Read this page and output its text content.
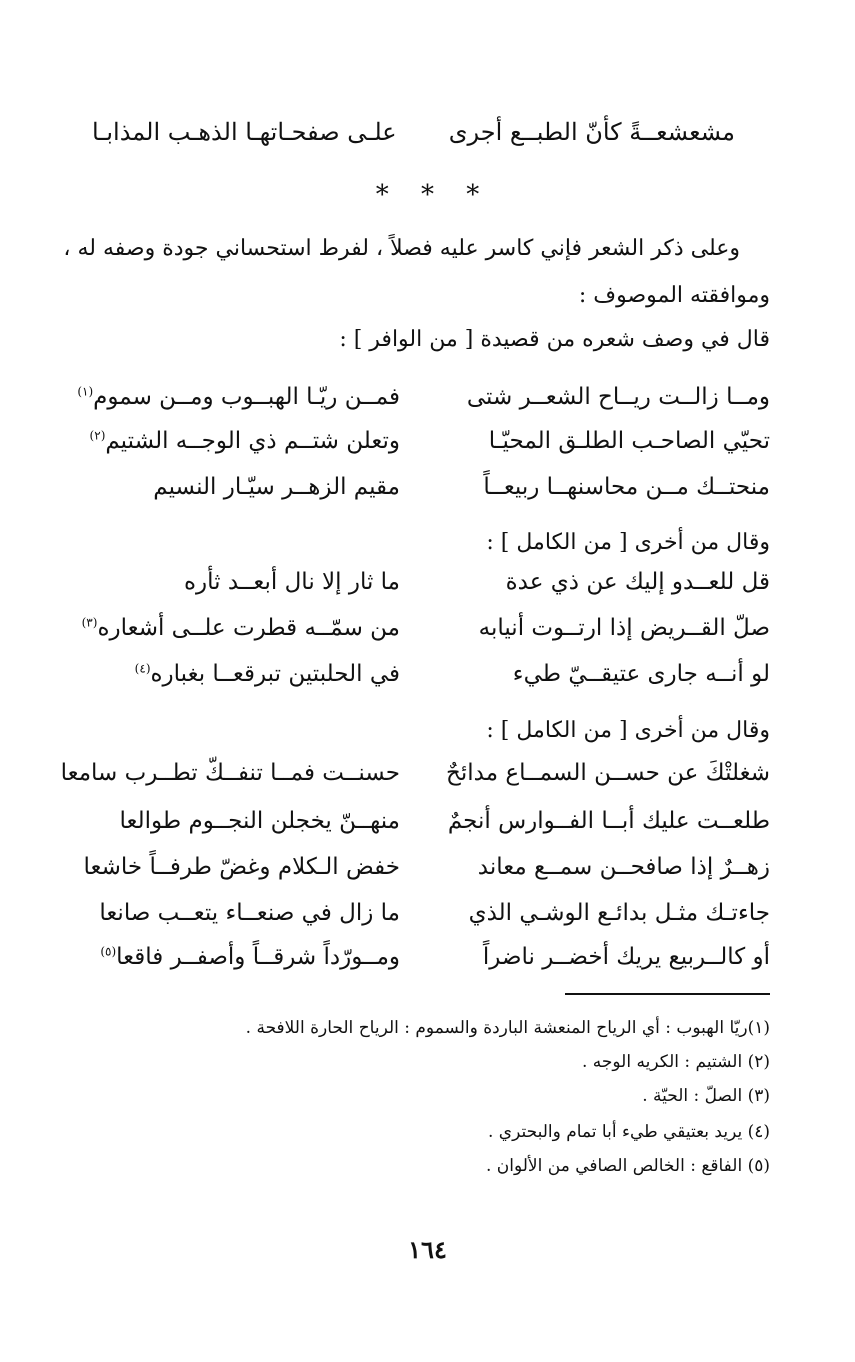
مشعشعــةً كأنّ الطبــع أجرى
علـى صفحـاتهـا الذهـب المذابـا
* * *
وعلى ذكر الشعر فإني كاسر عليه فصلاً ، لفرط استحساني جودة وصفه له ،
وموافقته الموصوف :
قال في وصف شعره من قصيدة [ من الوافر ] :
ومــا زالــت ريــاح الشعــر شتى
فمــن ريّـا الهبــوب ومــن سموم$^{(١)}$
تحيّي الصاحـب الطلـق المحيّـا
وتعلن شتــم ذي الوجــه الشتيم$^{(٢)}$
منحتــك مــن محاسنهــا ربيعــاً
مقيم الزهــر سيّـار النسيم
وقال من أخرى [ من الكامل ] :
قل للعــدو إليك عن ذي عدة
ما ثار إلا نال أبعــد ثأره
صلّ القــريض إذا ارتــوت أنيابه
من سمّــه قطرت علــى أشعاره$^{(٣)}$
لو أنــه جارى عتيقــيّ طيء
في الحلبتين تبرقعــا بغباره$^{(٤)}$
وقال من أخرى [ من الكامل ] :
شغلتْكَ عن حســن السمــاع مدائحٌ
حسنــت فمــا تنفــكّ تطــرب سامعا
طلعــت عليك أبــا الفــوارس أنجمٌ
منهــنّ يخجلن النجــوم طوالعا
زهــرٌ إذا صافحــن سمــع معاند
خفض الـكلام وغضّ طرفــاً خاشعا
جاءتـك مثـل بدائـع الوشـي الذي
ما زال في صنعــاء يتعــب صانعا
أو كالــربيع يريك أخضــر ناضراً
ومــورّداً شرقــاً وأصفــر فاقعا$^{(٥)}$
(١)ريّا الهبوب : أي الرياح المنعشة الباردة والسموم : الرياح الحارة اللافحة .
(٢) الشتيم : الكريه الوجه .
(٣) الصلّ : الحيّة .
(٤) يريد بعتيقي طيء أبا تمام والبحتري .
(٥) الفاقع : الخالص الصافي من الألوان .
١٦٤
